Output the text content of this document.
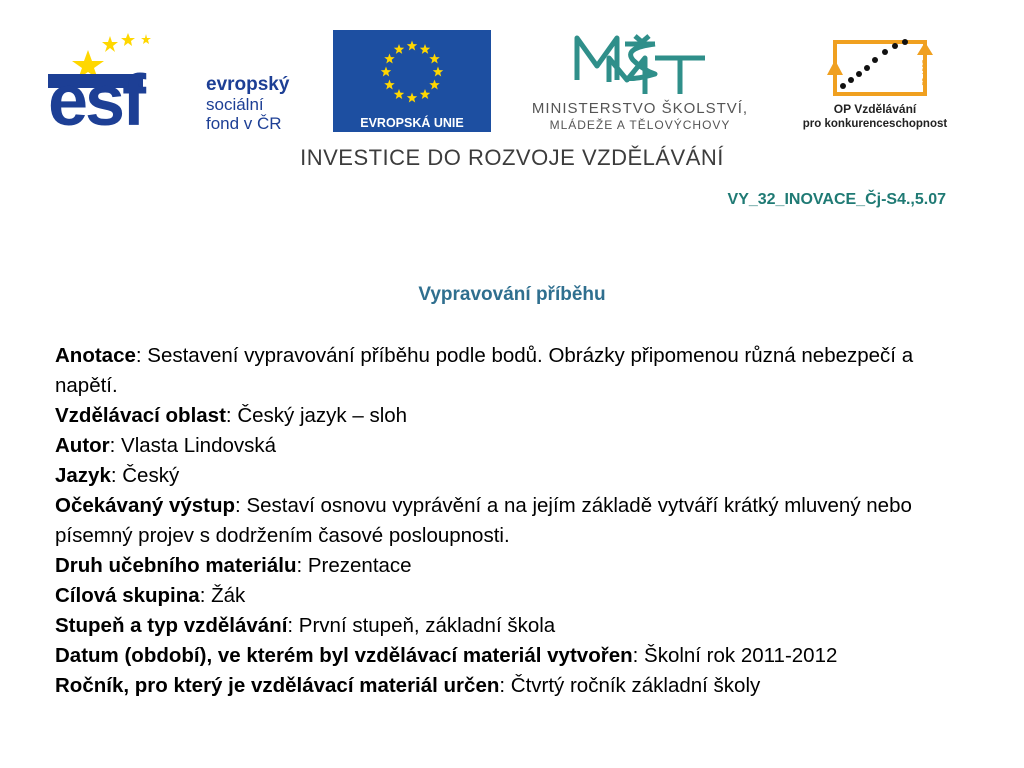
esf	evropský
sociální
fond v ČR	EVROPSKÁ UNIE
MINISTERSTVO ŠKOLSTVÍ,
MLÁDEŽE A TĚLOVÝCHOVY
2007-13
OP Vzdělávání
pro konkurenceschopnost
INVESTICE DO ROZVOJE VZDĚLÁVÁNÍ
VY_32_INOVACE_Čj-S4.,5.07
Vypravování příběhu

Anotace: Sestavení vypravování příběhu podle bodů. Obrázky připomenou různá nebezpečí a napětí.

Vzdělávací oblast: Český jazyk – sloh

Autor: Vlasta Lindovská

Jazyk: Český

Očekávaný výstup: Sestaví osnovu vyprávění a na jejím základě vytváří krátký mluvený nebo písemný projev s dodržením časové posloupnosti.

Druh učebního materiálu: Prezentace

Cílová skupina: Žák

Stupeň a typ vzdělávání: První stupeň, základní škola

Datum (období), ve kterém byl vzdělávací materiál vytvořen: Školní rok 2011-2012

Ročník, pro který je vzdělávací materiál určen: Čtvrtý ročník základní školy
